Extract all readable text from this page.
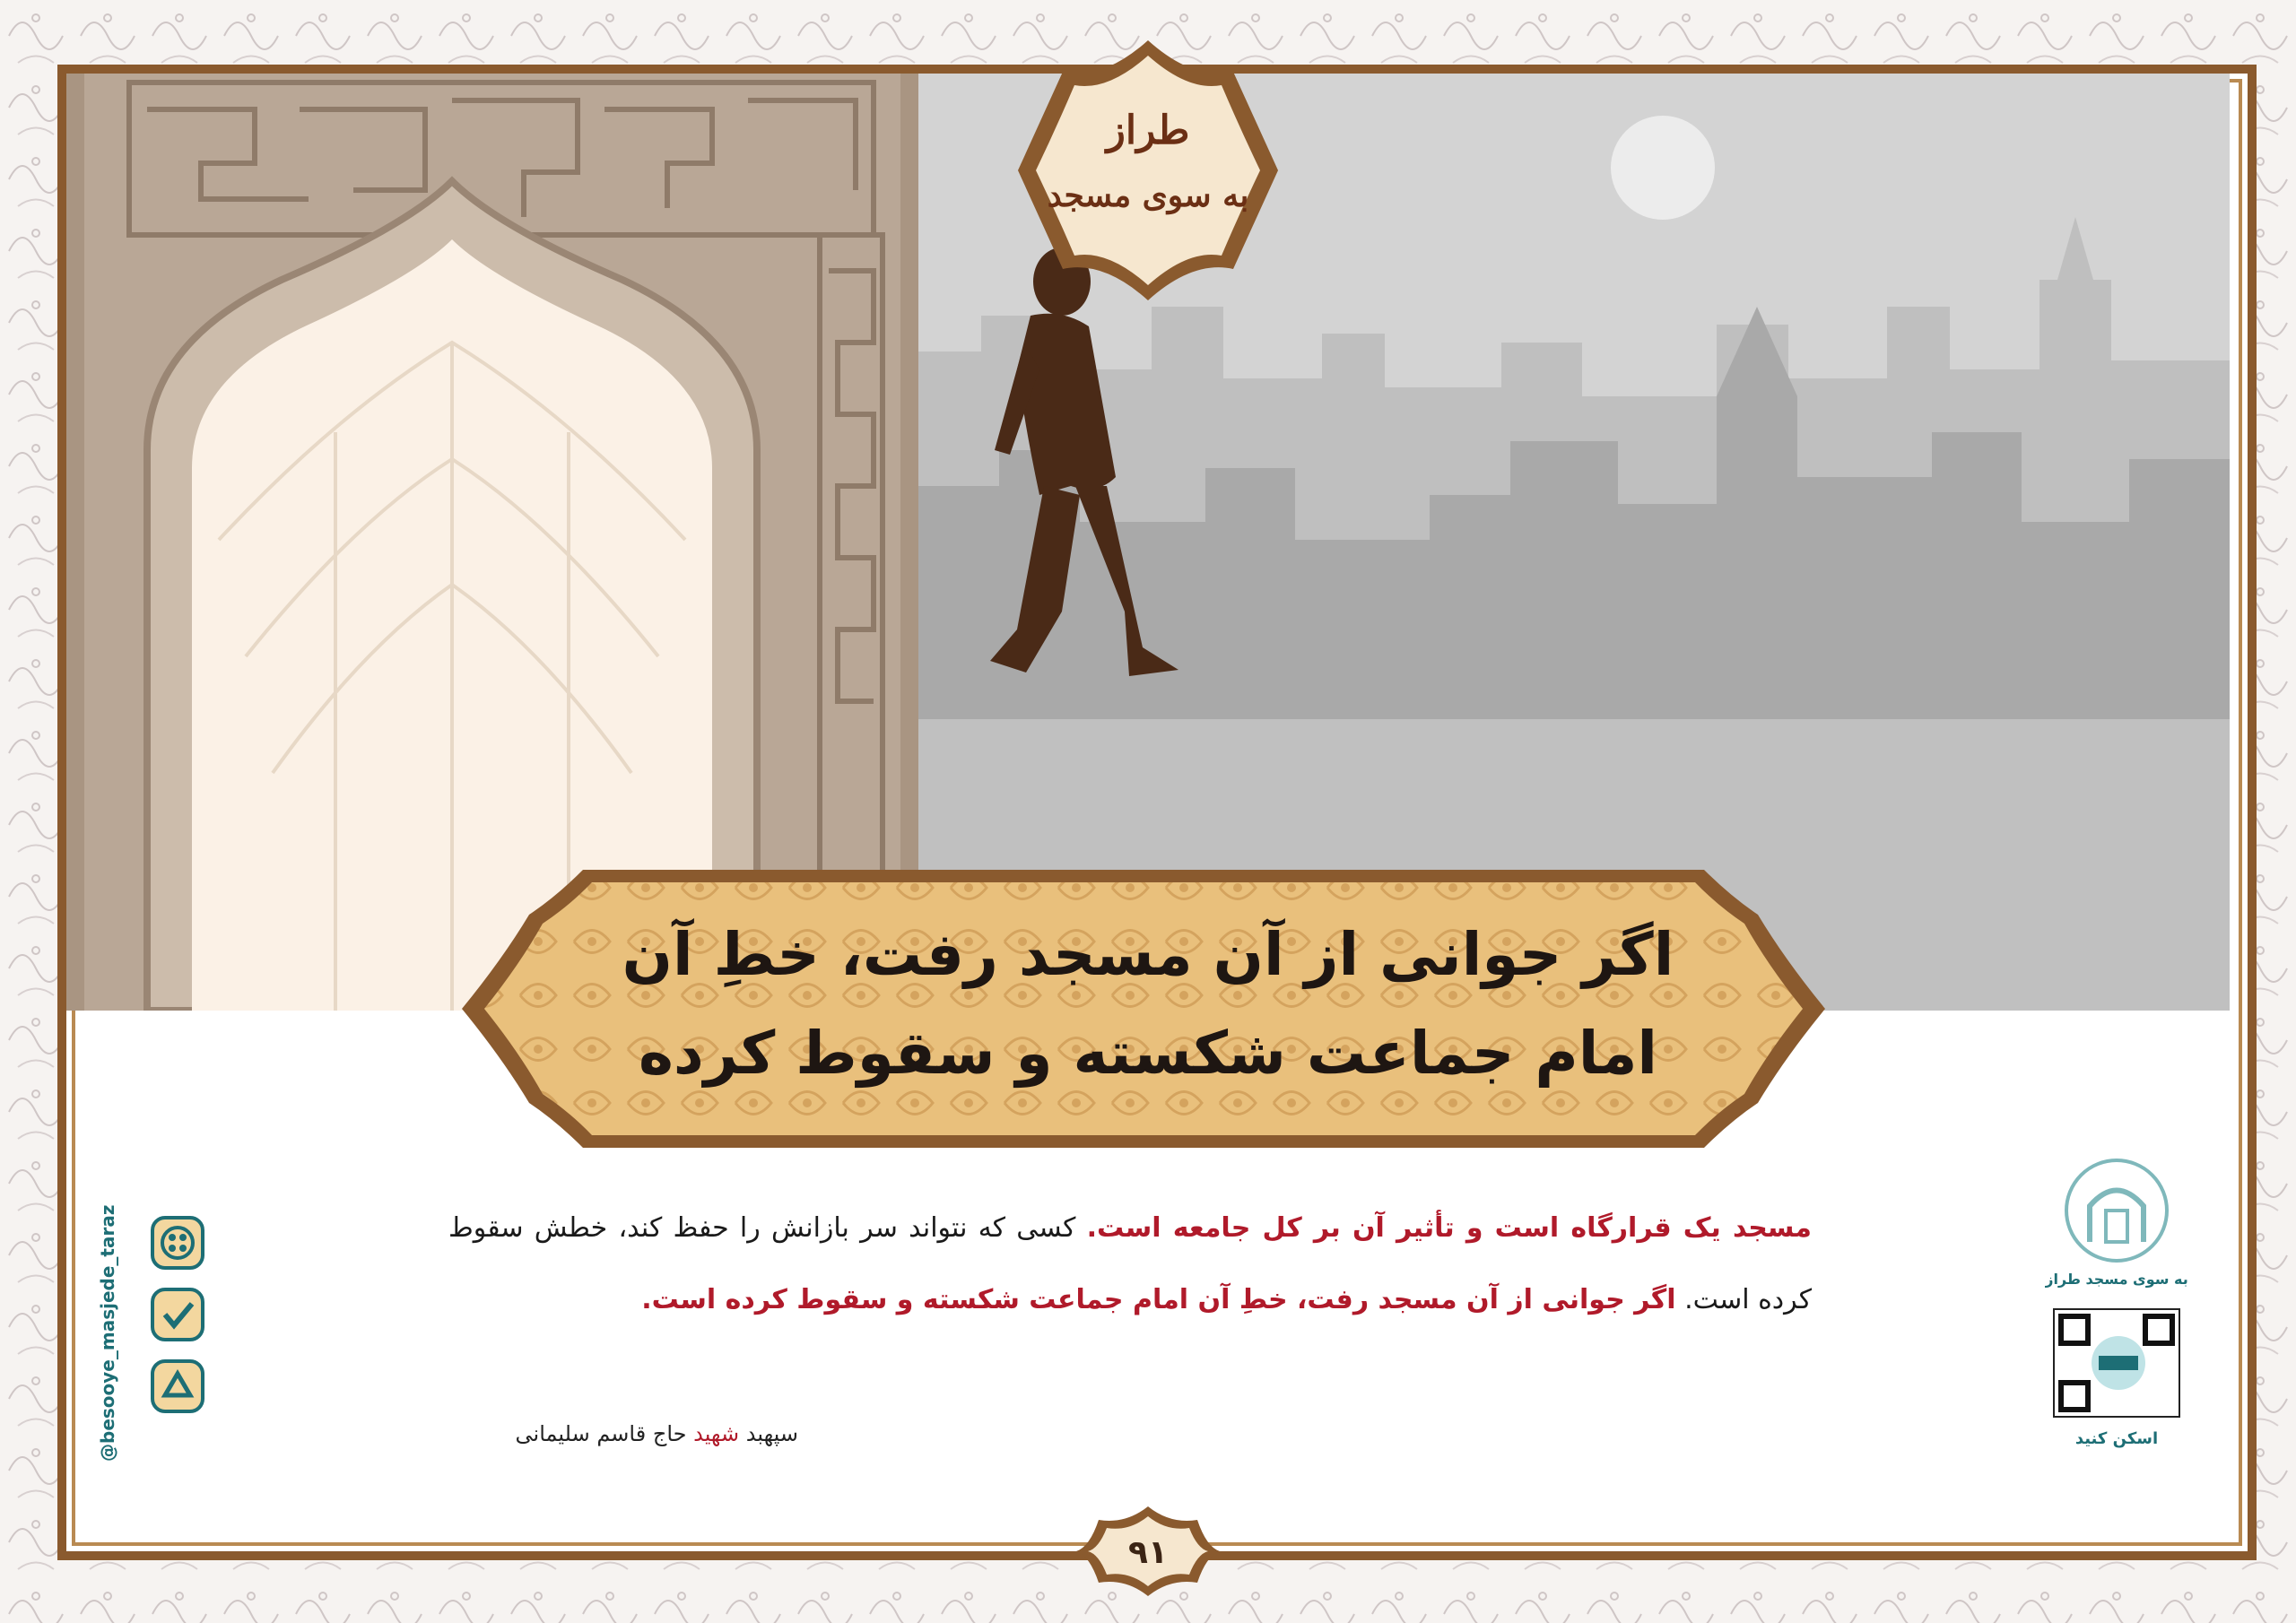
طراز
به سوی مسجد
اگر جوانی از آن مسجد رفت، خطِ آن
امام جماعت شکسته و سقوط کرده
مسجد یک قرارگاه است و تأثیر آن بر کل جامعه است. کسی که نتواند سر بازانش را حفظ کند، خطش سقوط کرده است. اگر جوانی از آن مسجد رفت، خطِ آن امام جماعت شکسته و سقوط کرده است.
سپهبد شهید حاج قاسم سلیمانی
@besooye_masjede_taraz	به سوی مسجد طراز
اسکن کنید
۹۱
